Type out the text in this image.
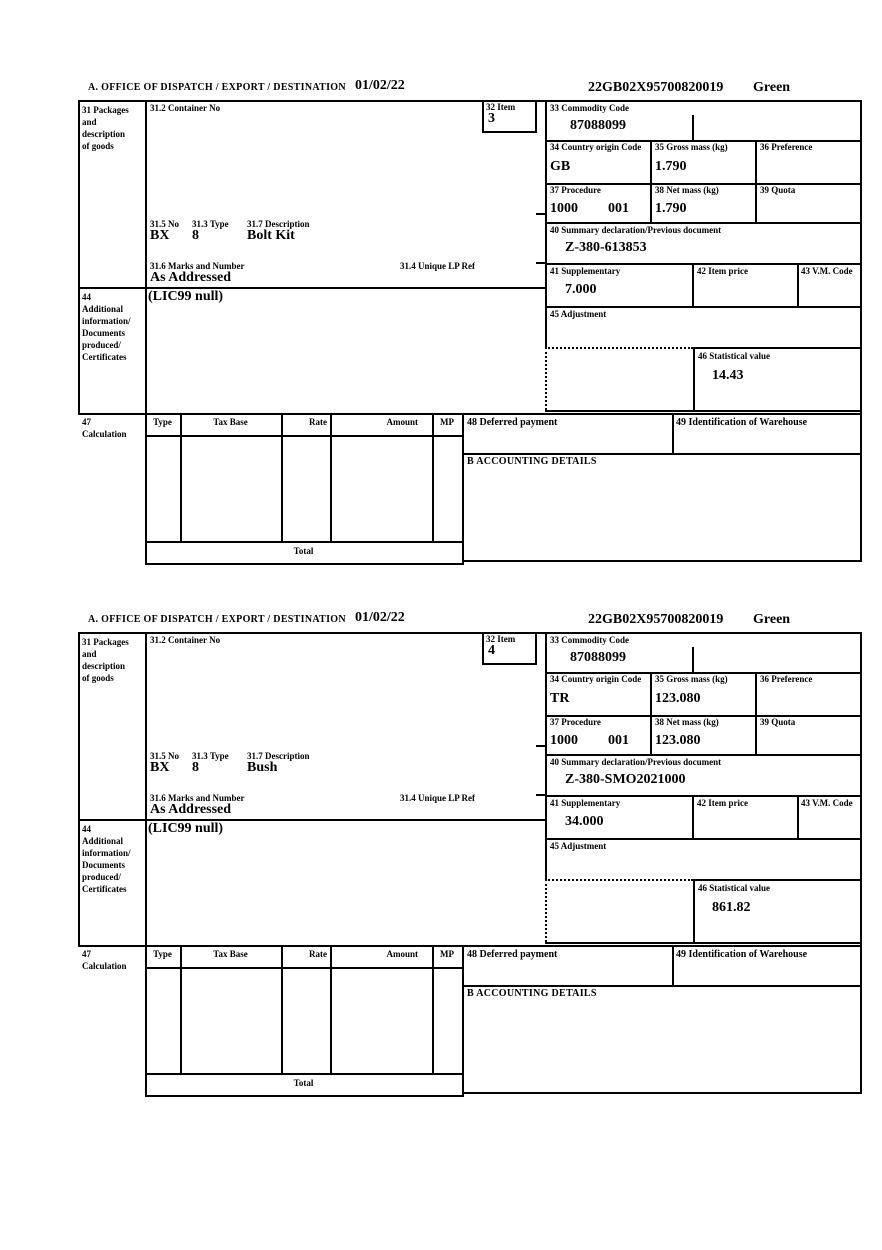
A. OFFICE OF DISPATCH / EXPORT / DESTINATION 01/02/22	22GB02X95700820019 Green
32 Item
3
31 Packages
and
description
of goods
31.2 Container No
31.5 No 31.3 Type 31.7 Description
BX 8	Bolt Kit
31.6 Marks and Number	31.4 Unique LP Ref
As Addressed
44
Additional
information/
Documents
produced/
Certificates
(LIC99 null)
33 Commodity Code
87088099
34 Country origin Code
GB
35 Gross mass (kg)
1.790
36 Preference
37 Procedure
1000 001
38 Net mass (kg)
1.790
39 Quota
40 Summary declaration/Previous document
Z-380-613853
41 Supplementary
7.000
42 Item price	43 V.M. Code
45 Adjustment
46 Statistical value
14.43
47
Calculation
Type	Tax Base	Rate	Amount	MP
Total
48 Deferred payment	49 Identification of Warehouse
B ACCOUNTING DETAILS
A. OFFICE OF DISPATCH / EXPORT / DESTINATION 01/02/22	22GB02X95700820019 Green
32 Item
4
31 Packages
and
description
of goods
31.2 Container No
31.5 No 31.3 Type 31.7 Description
BX 8	Bush
31.6 Marks and Number	31.4 Unique LP Ref
As Addressed
44
Additional
information/
Documents
produced/
Certificates
(LIC99 null)
33 Commodity Code
87088099
34 Country origin Code
TR
35 Gross mass (kg)
123.080
36 Preference
37 Procedure
1000 001
38 Net mass (kg)
123.080
39 Quota
40 Summary declaration/Previous document
Z-380-SMO2021000
41 Supplementary
34.000
42 Item price	43 V.M. Code
45 Adjustment
46 Statistical value
861.82
47
Calculation
Type	Tax Base	Rate	Amount	MP
Total
48 Deferred payment	49 Identification of Warehouse
B ACCOUNTING DETAILS
